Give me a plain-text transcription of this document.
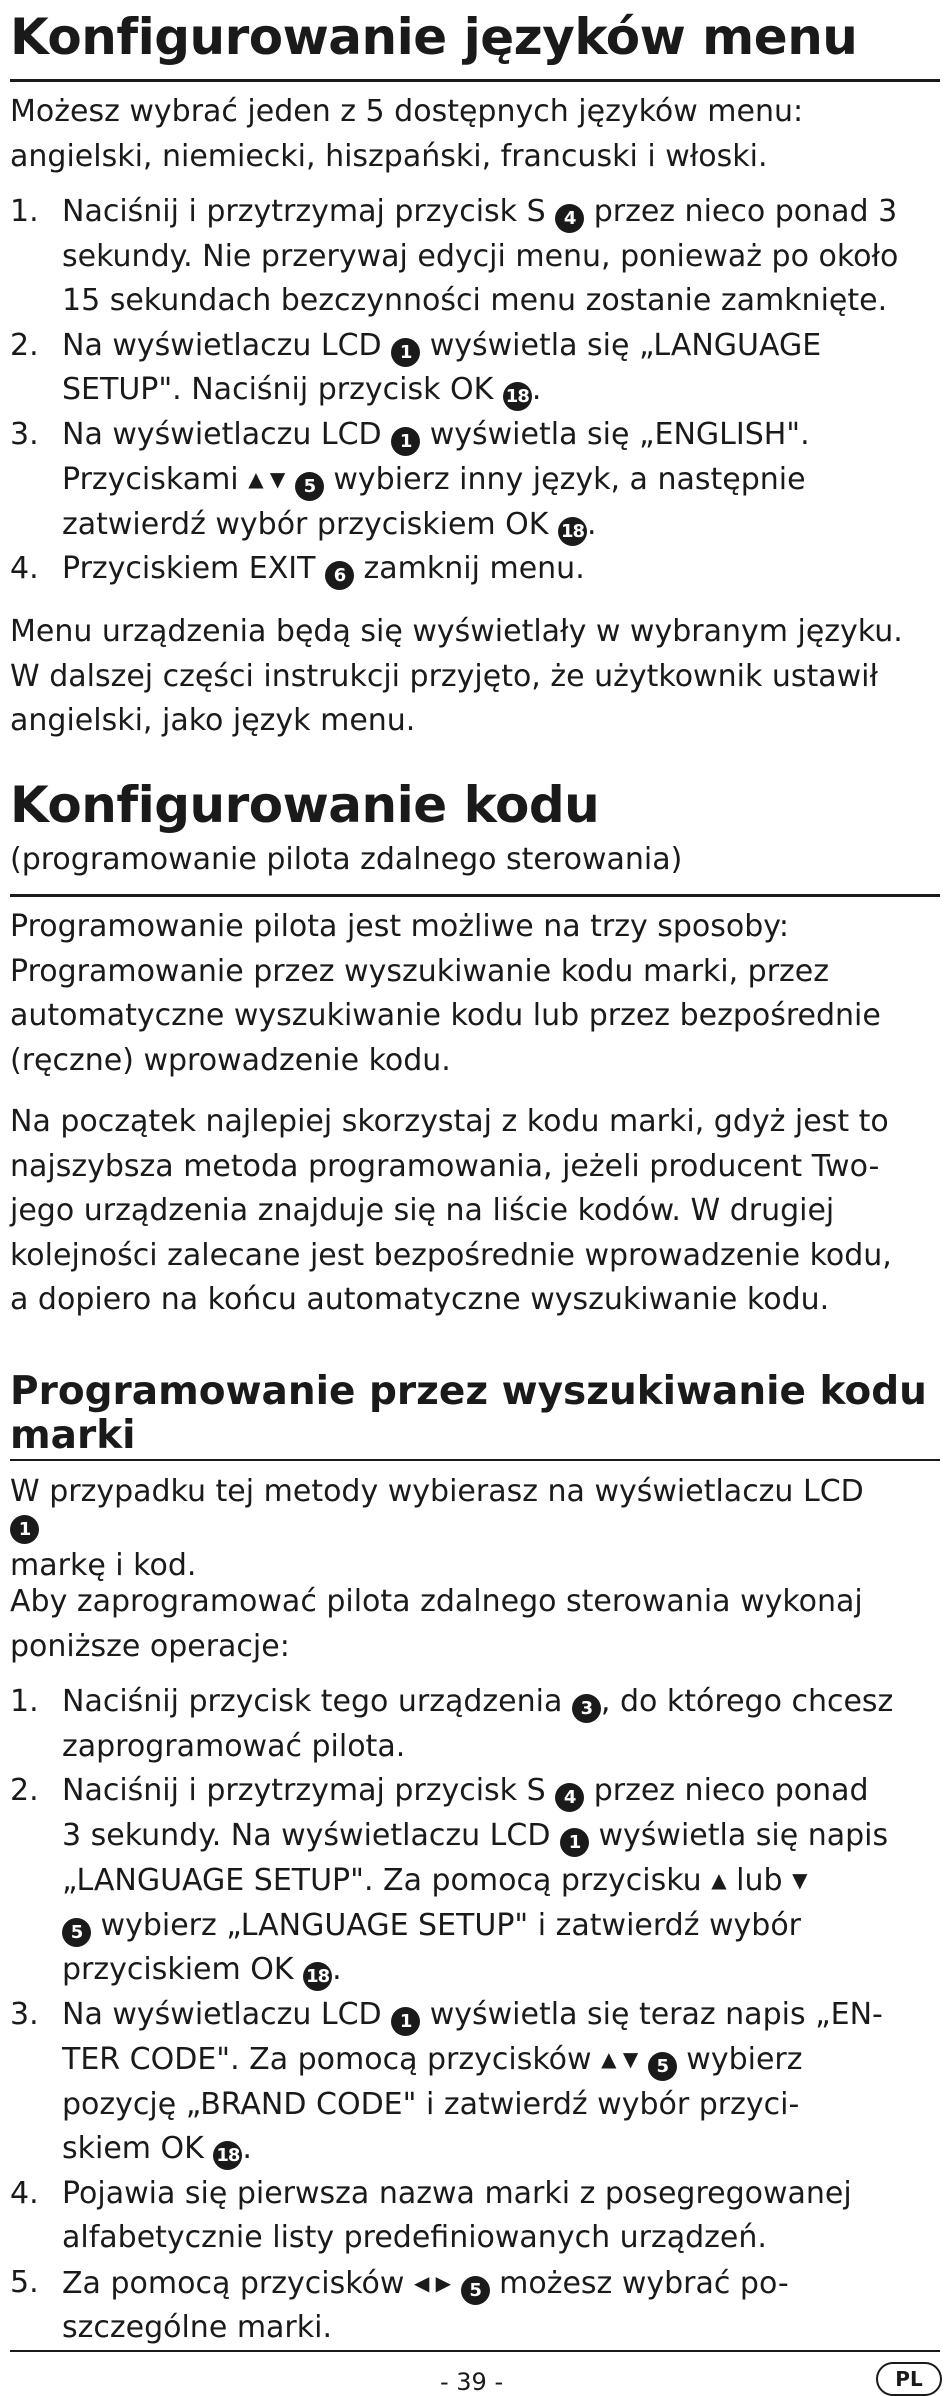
Konfigurowanie języków menu
Możesz wybrać jeden z 5 dostępnych języków menu:
angielski, niemiecki, hiszpański, francuski i włoski.
1. Naciśnij i przytrzymaj przycisk S 4 przez nieco ponad 3
sekundy. Nie przerywaj edycji menu, ponieważ po około
15 sekundach bezczynności menu zostanie zamknięte.
2. Na wyświetlaczu LCD 1 wyświetla się „LANGUAGE
SETUP". Naciśnij przycisk OK 18.
3. Na wyświetlaczu LCD 1 wyświetla się „ENGLISH".
Przyciskami ▲ ▼ 5 wybierz inny język, a następnie
zatwierdź wybór przyciskiem OK 18.
4. Przyciskiem EXIT 6 zamknij menu.
Menu urządzenia będą się wyświetlały w wybranym języku.
W dalszej części instrukcji przyjęto, że użytkownik ustawił
angielski, jako język menu.
Konfigurowanie kodu
(programowanie pilota zdalnego sterowania)
Programowanie pilota jest możliwe na trzy sposoby:
Programowanie przez wyszukiwanie kodu marki, przez
automatyczne wyszukiwanie kodu lub przez bezpośrednie
(ręczne) wprowadzenie kodu.
Na początek najlepiej skorzystaj z kodu marki, gdyż jest to
najszybsza metoda programowania, jeżeli producent Two-
jego urządzenia znajduje się na liście kodów. W drugiej
kolejności zalecane jest bezpośrednie wprowadzenie kodu,
a dopiero na końcu automatyczne wyszukiwanie kodu.
Programowanie przez wyszukiwanie kodu
marki
W przypadku tej metody wybierasz na wyświetlaczu LCD
1
markę i kod.
Aby zaprogramować pilota zdalnego sterowania wykonaj
poniższe operacje:
1. Naciśnij przycisk tego urządzenia 3 , do którego chcesz
zaprogramować pilota.
2. Naciśnij i przytrzymaj przycisk S 4 przez nieco ponad
3 sekundy. Na wyświetlaczu LCD 1 wyświetla się napis
„LANGUAGE SETUP". Za pomocą przycisku ▲ lub ▼
5 wybierz „LANGUAGE SETUP" i zatwierdź wybór
przyciskiem OK 18.
3. Na wyświetlaczu LCD 1 wyświetla się teraz napis „EN-
TER CODE". Za pomocą przycisków ▲ ▼ 5 wybierz
pozycję „BRAND CODE" i zatwierdź wybór przyci-
skiem OK 18.
4. Pojawia się pierwsza nazwa marki z posegregowanej
alfabetycznie listy predefiniowanych urządzeń.
5. Za pomocą przycisków ◀ ▶ 5 możesz wybrać po-
szczególne marki.
- 39 -	PL
